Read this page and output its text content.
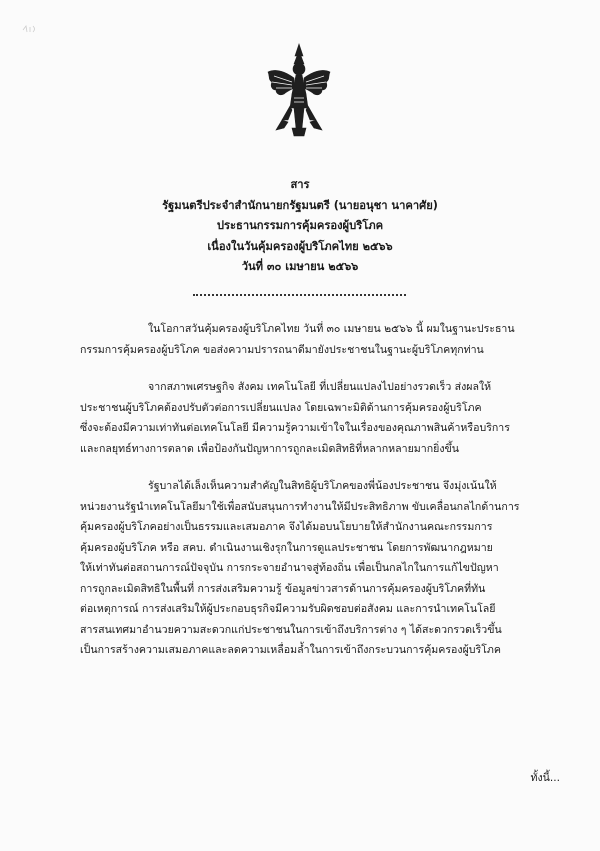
สาร
รัฐมนตรีประจำสำนักนายกรัฐมนตรี (นายอนุชา นาคาศัย)
ประธานกรรมการคุ้มครองผู้บริโภค
เนื่องในวันคุ้มครองผู้บริโภคไทย ๒๕๖๖
วันที่ ๓๐ เมษายน ๒๕๖๖
ในโอกาสวันคุ้มครองผู้บริโภคไทย วันที่ ๓๐ เมษายน ๒๕๖๖ นี้ ผมในฐานะประธาน
กรรมการคุ้มครองผู้บริโภค ขอส่งความปรารถนาดีมายังประชาชนในฐานะผู้บริโภคทุกท่าน
จากสภาพเศรษฐกิจ สังคม เทคโนโลยี ที่เปลี่ยนแปลงไปอย่างรวดเร็ว ส่งผลให้
ประชาชนผู้บริโภคต้องปรับตัวต่อการเปลี่ยนแปลง โดยเฉพาะมิติด้านการคุ้มครองผู้บริโภค
ซึ่งจะต้องมีความเท่าทันต่อเทคโนโลยี มีความรู้ความเข้าใจในเรื่องของคุณภาพสินค้าหรือบริการ
และกลยุทธ์ทางการตลาด เพื่อป้องกันปัญหาการถูกละเมิดสิทธิที่หลากหลายมากยิ่งขึ้น
รัฐบาลได้เล็งเห็นความสำคัญในสิทธิผู้บริโภคของพี่น้องประชาชน จึงมุ่งเน้นให้
หน่วยงานรัฐนำเทคโนโลยีมาใช้เพื่อสนับสนุนการทำงานให้มีประสิทธิภาพ ขับเคลื่อนกลไกด้านการ
คุ้มครองผู้บริโภคอย่างเป็นธรรมและเสมอภาค จึงได้มอบนโยบายให้สำนักงานคณะกรรมการ
คุ้มครองผู้บริโภค หรือ สคบ. ดำเนินงานเชิงรุกในการดูแลประชาชน โดยการพัฒนากฎหมาย
ให้เท่าทันต่อสถานการณ์ปัจจุบัน การกระจายอำนาจสู่ท้องถิ่น เพื่อเป็นกลไกในการแก้ไขปัญหา
การถูกละเมิดสิทธิในพื้นที่ การส่งเสริมความรู้ ข้อมูลข่าวสารด้านการคุ้มครองผู้บริโภคที่ทัน
ต่อเหตุการณ์ การส่งเสริมให้ผู้ประกอบธุรกิจมีความรับผิดชอบต่อสังคม และการนำเทคโนโลยี
สารสนเทศมาอำนวยความสะดวกแก่ประชาชนในการเข้าถึงบริการต่าง ๆ ได้สะดวกรวดเร็วขึ้น
เป็นการสร้างความเสมอภาคและลดความเหลื่อมล้ำในการเข้าถึงกระบวนการคุ้มครองผู้บริโภค
ทั้งนี้...
